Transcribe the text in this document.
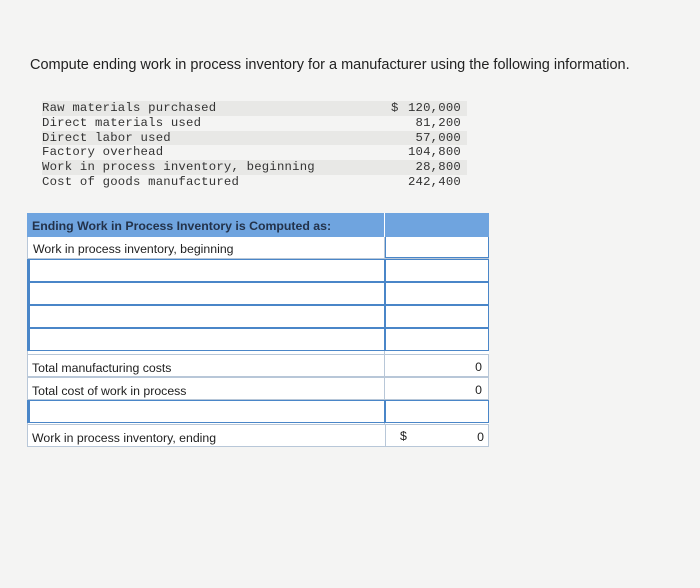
Compute ending work in process inventory for a manufacturer using the following information.
Raw materials purchased	$ 120,000
Direct materials used	81,200
Direct labor used	57,000
Factory overhead	104,800
Work in process inventory, beginning	28,800
Cost of goods manufactured	242,400
Ending Work in Process Inventory is Computed as:
Work in process inventory, beginning
Total manufacturing costs	0
Total cost of work in process	0
Work in process inventory, ending	$	0
